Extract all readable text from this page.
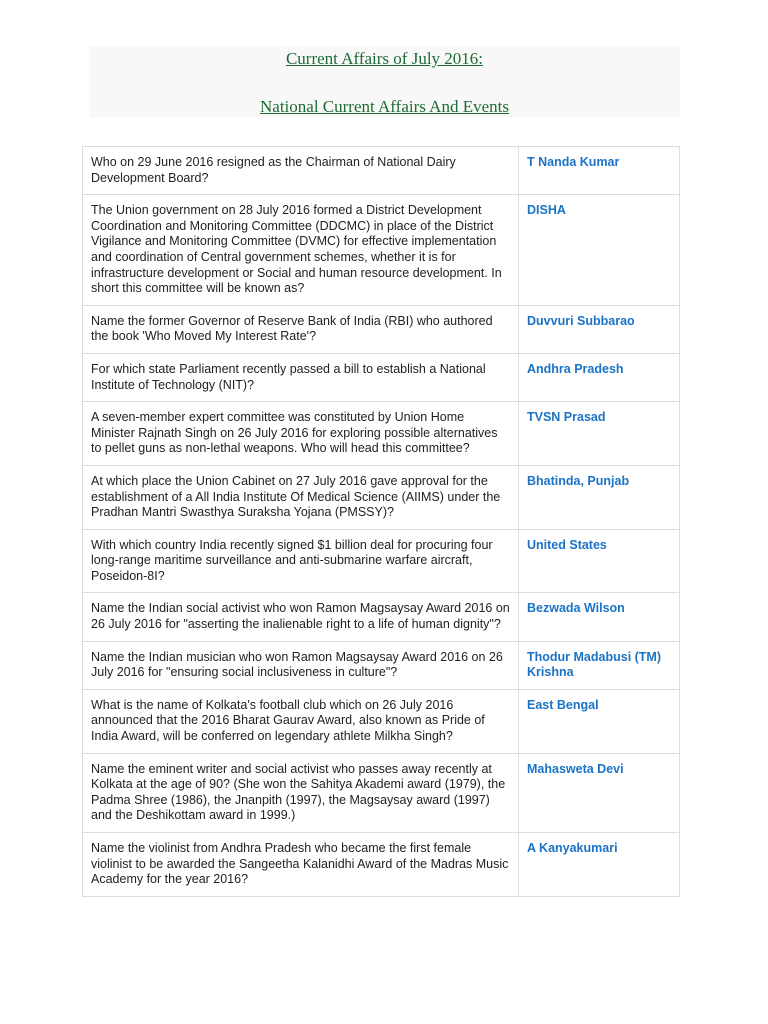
Current Affairs of July 2016:
National Current Affairs And Events
Who on 29 June 2016 resigned as the Chairman of National Dairy Development Board?	T Nanda Kumar
The Union government on 28 July 2016 formed a District Development Coordination and Monitoring Committee (DDCMC) in place of the District Vigilance and Monitoring Committee (DVMC) for effective implementation and coordination of Central government schemes, whether it is for infrastructure development or Social and human resource development. In short this committee will be known as?	DISHA
Name the former Governor of Reserve Bank of India (RBI) who authored the book 'Who Moved My Interest Rate'?	Duvvuri Subbarao
For which state Parliament recently passed a bill to establish a National Institute of Technology (NIT)?	Andhra Pradesh
A seven-member expert committee was constituted by Union Home Minister Rajnath Singh on 26 July 2016 for exploring possible alternatives to pellet guns as non-lethal weapons. Who will head this committee?	TVSN Prasad
At which place the Union Cabinet on 27 July 2016 gave approval for the establishment of a All India Institute Of Medical Science (AIIMS) under the Pradhan Mantri Swasthya Suraksha Yojana (PMSSY)?	Bhatinda, Punjab
With which country India recently signed $1 billion deal for procuring four long-range maritime surveillance and anti-submarine warfare aircraft, Poseidon-8I?	United States
Name the Indian social activist who won Ramon Magsaysay Award 2016 on 26 July 2016 for "asserting the inalienable right to a life of human dignity"?	Bezwada Wilson
Name the Indian musician who won Ramon Magsaysay Award 2016 on 26 July 2016 for "ensuring social inclusiveness in culture"?	Thodur Madabusi (TM) Krishna
What is the name of Kolkata's football club which on 26 July 2016 announced that the 2016 Bharat Gaurav Award, also known as Pride of India Award, will be conferred on legendary athlete Milkha Singh?	East Bengal
Name the eminent writer and social activist who passes away recently at Kolkata at the age of 90? (She won the Sahitya Akademi award (1979), the Padma Shree (1986), the Jnanpith (1997), the Magsaysay award (1997) and the Deshikottam award in 1999.)	Mahasweta Devi
Name the violinist from Andhra Pradesh who became the first female violinist to be awarded the Sangeetha Kalanidhi Award of the Madras Music Academy for the year 2016?	A Kanyakumari
